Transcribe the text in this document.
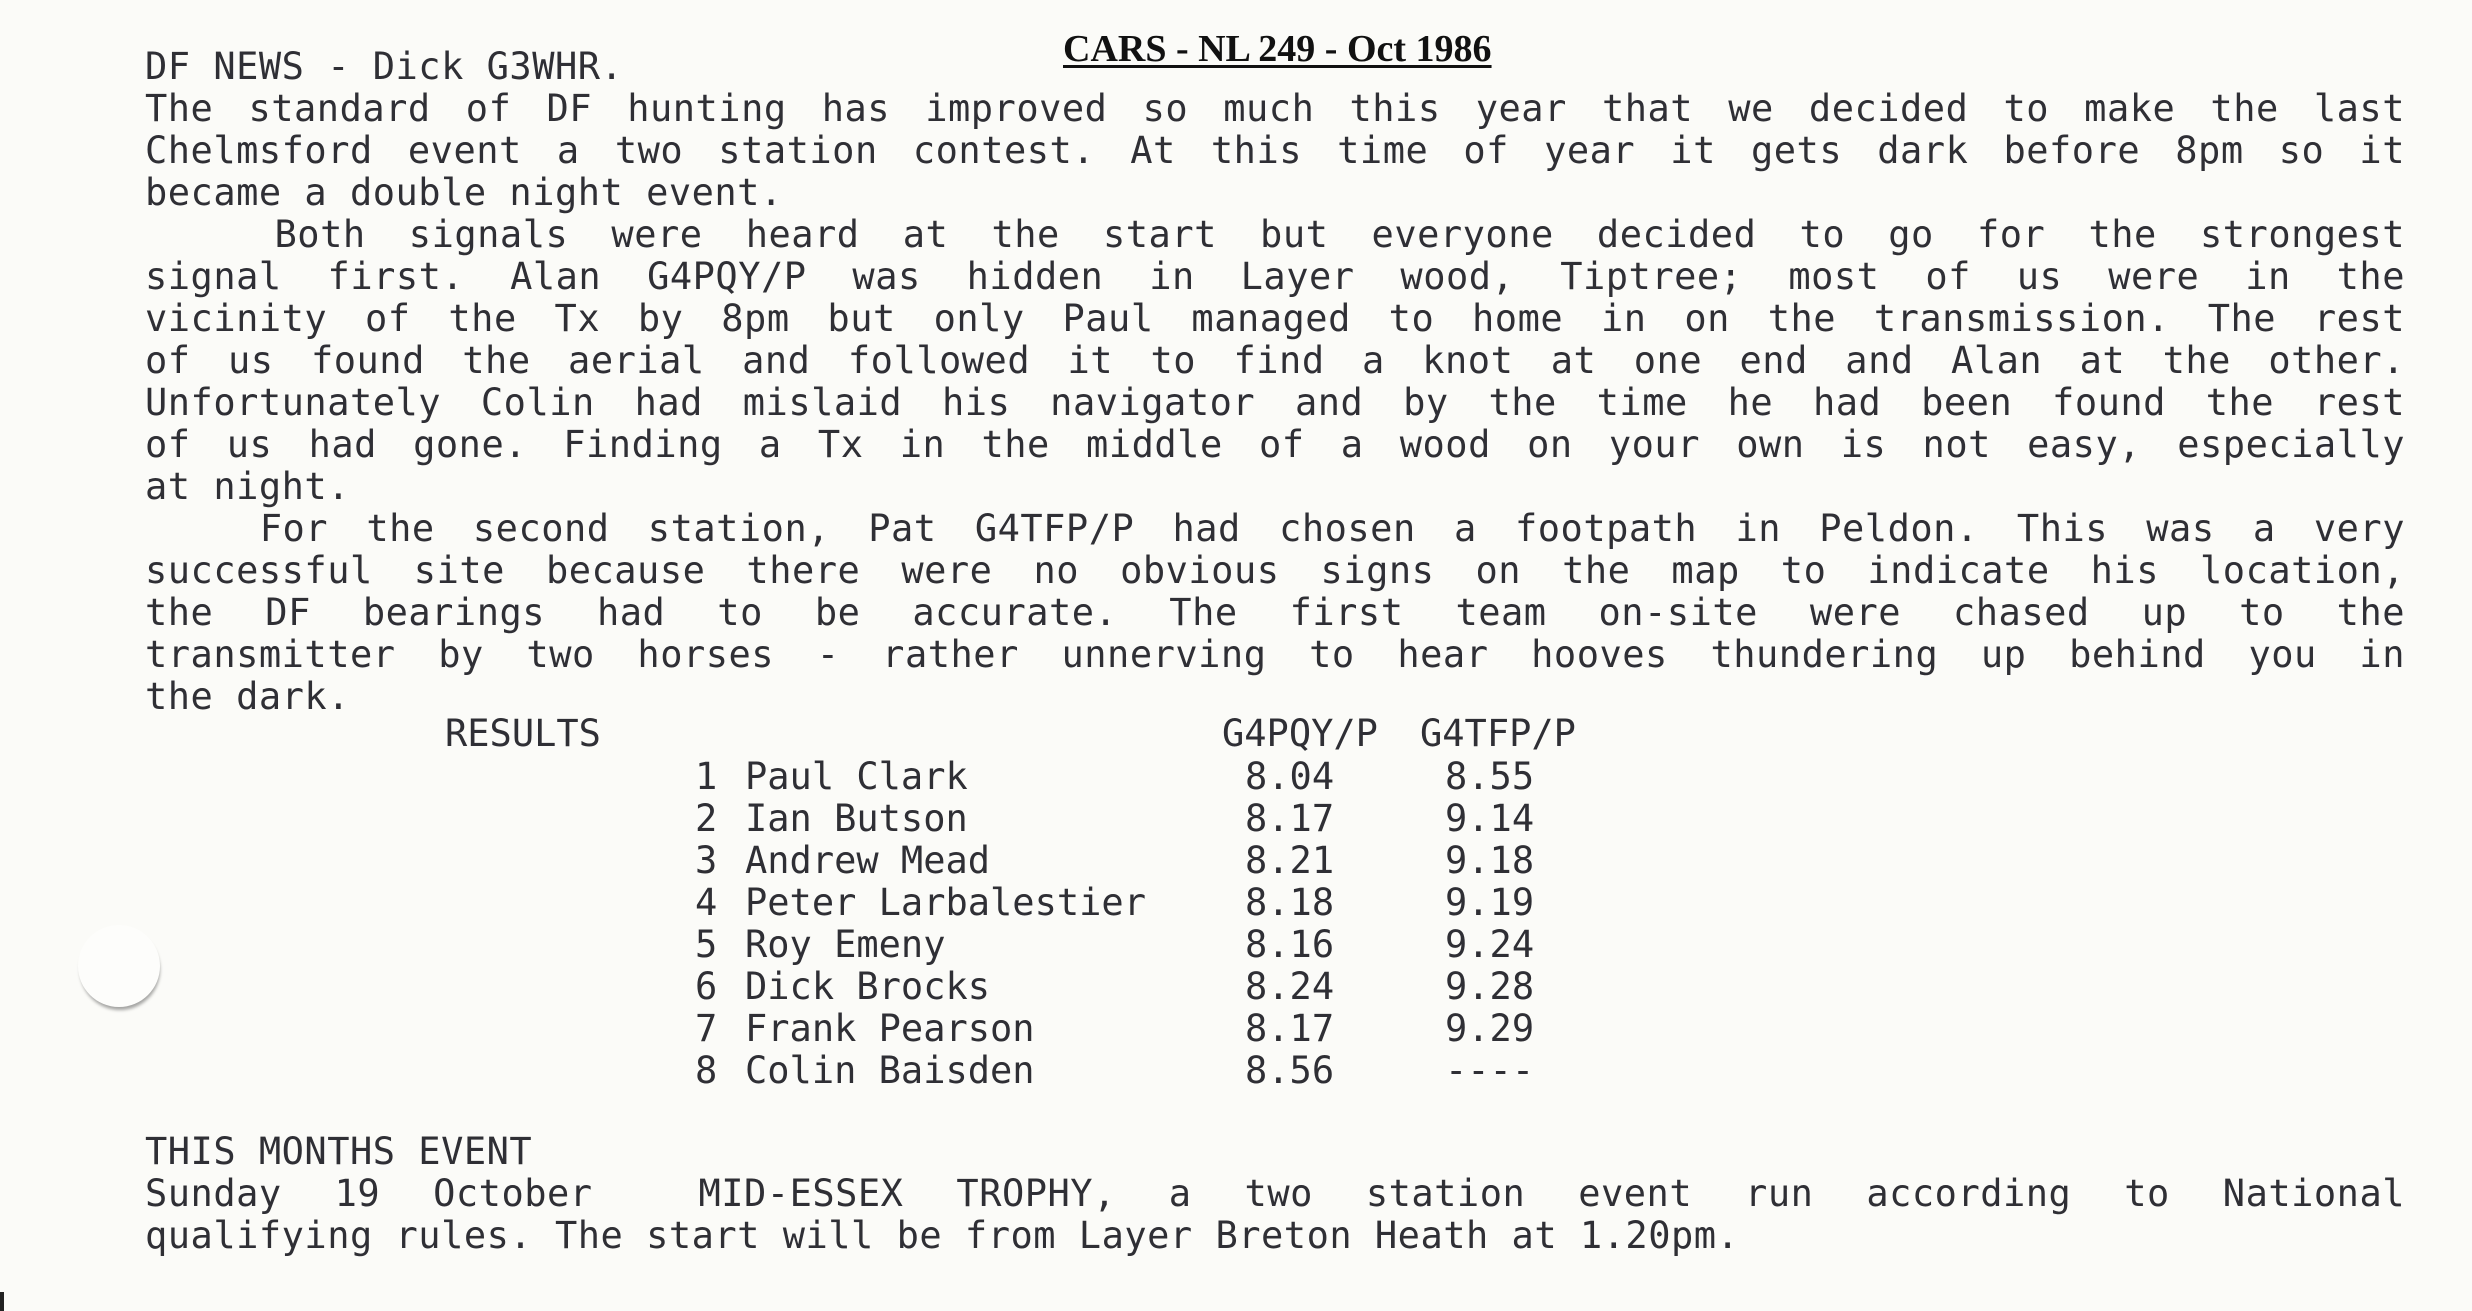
CARS - NL 249 - Oct 1986
DF NEWS - Dick G3WHR.
The standard of DF hunting has improved so much this year that we decided to make the last
Chelmsford event a two station contest. At this time of year it gets dark before 8pm so it
became a double night event.
Both signals were heard at the start but everyone decided to go for the strongest
signal first. Alan G4PQY/P was hidden in Layer wood, Tiptree; most of us were in the
vicinity of the Tx by 8pm but only Paul managed to home in on the transmission. The rest
of us found the aerial and followed it to find a knot at one end and Alan at the other.
Unfortunately Colin had mislaid his navigator and by the time he had been found the rest
of us had gone. Finding a Tx in the middle of a wood on your own is not easy, especially
at night.
For the second station, Pat G4TFP/P had chosen a footpath in Peldon. This was a very
successful site because there were no obvious signs on the map to indicate his location,
the DF bearings had to be accurate. The first team on-site were chased up to the
transmitter by two horses - rather unnerving to hear hooves thundering up behind you in
the dark.
RESULTS	G4PQY/P G4TFP/P
1 Paul Clark	8.04	8.55
2 Ian Butson	8.17	9.14
3 Andrew Mead	8.21	9.18
4 Peter Larbalestier	8.18	9.19
5 Roy Emeny	8.16	9.24
6 Dick Brocks	8.24	9.28
7 Frank Pearson	8.17	9.29
8 Colin Baisden	8.56	----
THIS MONTHS EVENT
Sunday 19 October  MID-ESSEX TROPHY, a two station event run according to National
qualifying rules. The start will be from Layer Breton Heath at 1.20pm.
